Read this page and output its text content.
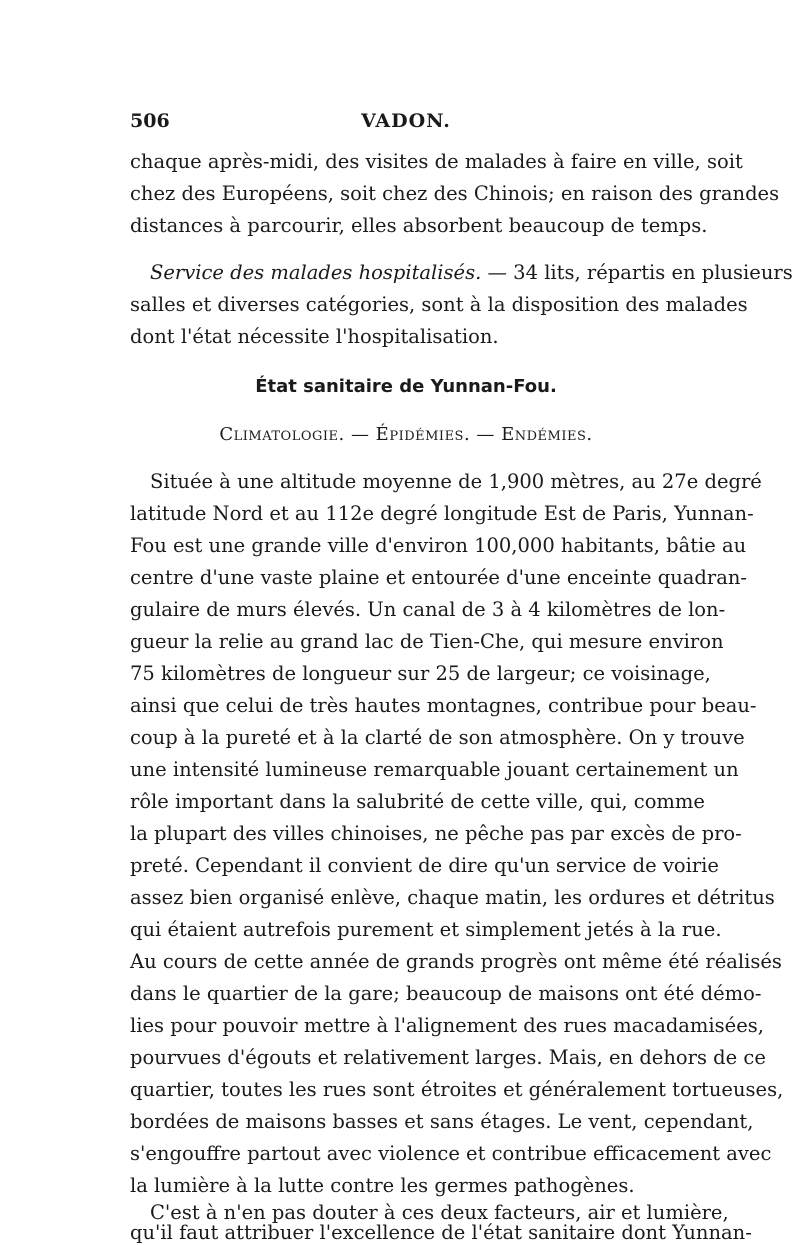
506	VADON.
chaque après-midi, des visites de malades à faire en ville, soit
chez des Européens, soit chez des Chinois; en raison des grandes
distances à parcourir, elles absorbent beaucoup de temps.
Service des malades hospitalisés. — 34 lits, répartis en plusieurs
salles et diverses catégories, sont à la disposition des malades
dont l'état nécessite l'hospitalisation.
État sanitaire de Yunnan-Fou.
Climatologie. — Épidémies. — Endémies.
Située à une altitude moyenne de 1,900 mètres, au 27e degré
latitude Nord et au 112e degré longitude Est de Paris, Yunnan-
Fou est une grande ville d'environ 100,000 habitants, bâtie au
centre d'une vaste plaine et entourée d'une enceinte quadran-
gulaire de murs élevés. Un canal de 3 à 4 kilomètres de lon-
gueur la relie au grand lac de Tien-Che, qui mesure environ
75 kilomètres de longueur sur 25 de largeur; ce voisinage,
ainsi que celui de très hautes montagnes, contribue pour beau-
coup à la pureté et à la clarté de son atmosphère. On y trouve
une intensité lumineuse remarquable jouant certainement un
rôle important dans la salubrité de cette ville, qui, comme
la plupart des villes chinoises, ne pêche pas par excès de pro-
preté. Cependant il convient de dire qu'un service de voirie
assez bien organisé enlève, chaque matin, les ordures et détritus
qui étaient autrefois purement et simplement jetés à la rue.
Au cours de cette année de grands progrès ont même été réalisés
dans le quartier de la gare; beaucoup de maisons ont été démo-
lies pour pouvoir mettre à l'alignement des rues macadamisées,
pourvues d'égouts et relativement larges. Mais, en dehors de ce
quartier, toutes les rues sont étroites et généralement tortueuses,
bordées de maisons basses et sans étages. Le vent, cependant,
s'engouffre partout avec violence et contribue efficacement avec
la lumière à la lutte contre les germes pathogènes.
C'est à n'en pas douter à ces deux facteurs, air et lumière,
qu'il faut attribuer l'excellence de l'état sanitaire dont Yunnan-
